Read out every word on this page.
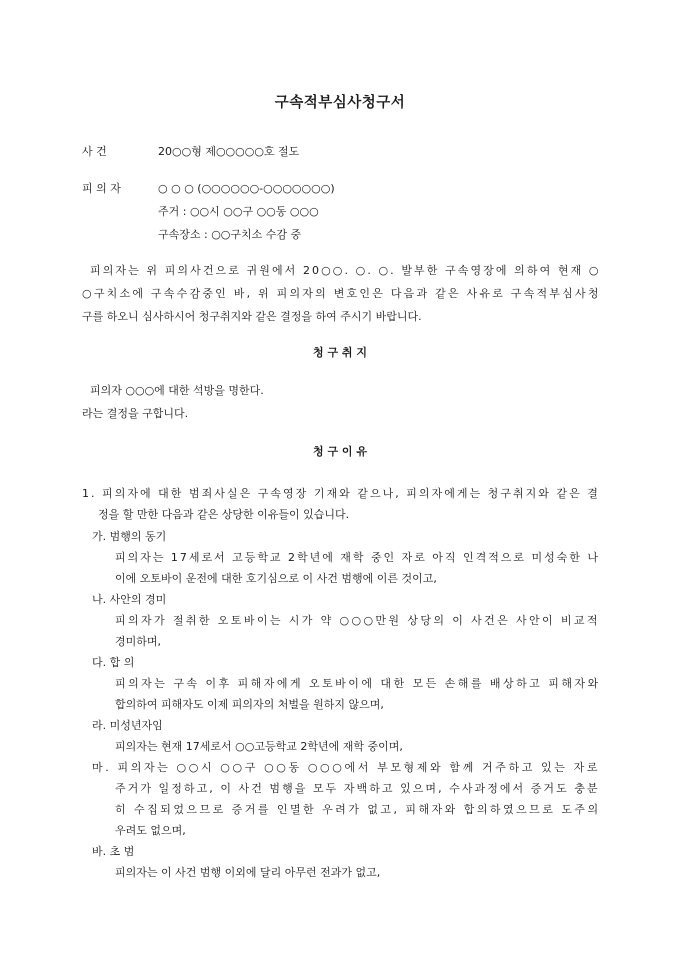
구속적부심사청구서
사 건	20○○형 제○○○○○호 절도
피 의 자	○ ○ ○ (○○○○○○-○○○○○○○)
주거 : ○○시 ○○구 ○○동 ○○○
구속장소 : ○○구치소 수감 중
피의자는 위 피의사건으로 귀원에서 20○○. ○. ○. 발부한 구속영장에 의하여 현재 ○
○구치소에 구속수감중인 바, 위 피의자의 변호인은 다음과 같은 사유로 구속적부심사청
구를 하오니 심사하시어 청구취지와 같은 결정을 하여 주시기 바랍니다.
청 구 취 지
피의자 ○○○에 대한 석방을 명한다.
라는 결정을 구합니다.
청 구 이 유
1. 피의자에 대한 범죄사실은 구속영장 기재와 같으나, 피의자에게는 청구취지와 같은 결
정을 할 만한 다음과 같은 상당한 이유들이 있습니다.
가. 범행의 동기
피의자는 17세로서 고등학교 2학년에 재학 중인 자로 아직 인격적으로 미성숙한 나
이에 오토바이 운전에 대한 호기심으로 이 사건 범행에 이른 것이고,
나. 사안의 경미
피의자가 절취한 오토바이는 시가 약 ○○○만원 상당의 이 사건은 사안이 비교적
경미하며,
다. 합 의
피의자는 구속 이후 피해자에게 오토바이에 대한 모든 손해를 배상하고 피해자와
합의하여 피해자도 이제 피의자의 처벌을 원하지 않으며,
라. 미성년자임
피의자는 현재 17세로서 ○○고등학교 2학년에 재학 중이며,
마. 피의자는 ○○시 ○○구 ○○동 ○○○에서 부모형제와 함께 거주하고 있는 자로
주거가 일정하고, 이 사건 범행을 모두 자백하고 있으며, 수사과정에서 증거도 충분
히 수집되었으므로 증거를 인멸한 우려가 없고, 피해자와 합의하였으므로 도주의
우려도 없으며,
바. 초 범
피의자는 이 사건 범행 이외에 달리 아무런 전과가 없고,
